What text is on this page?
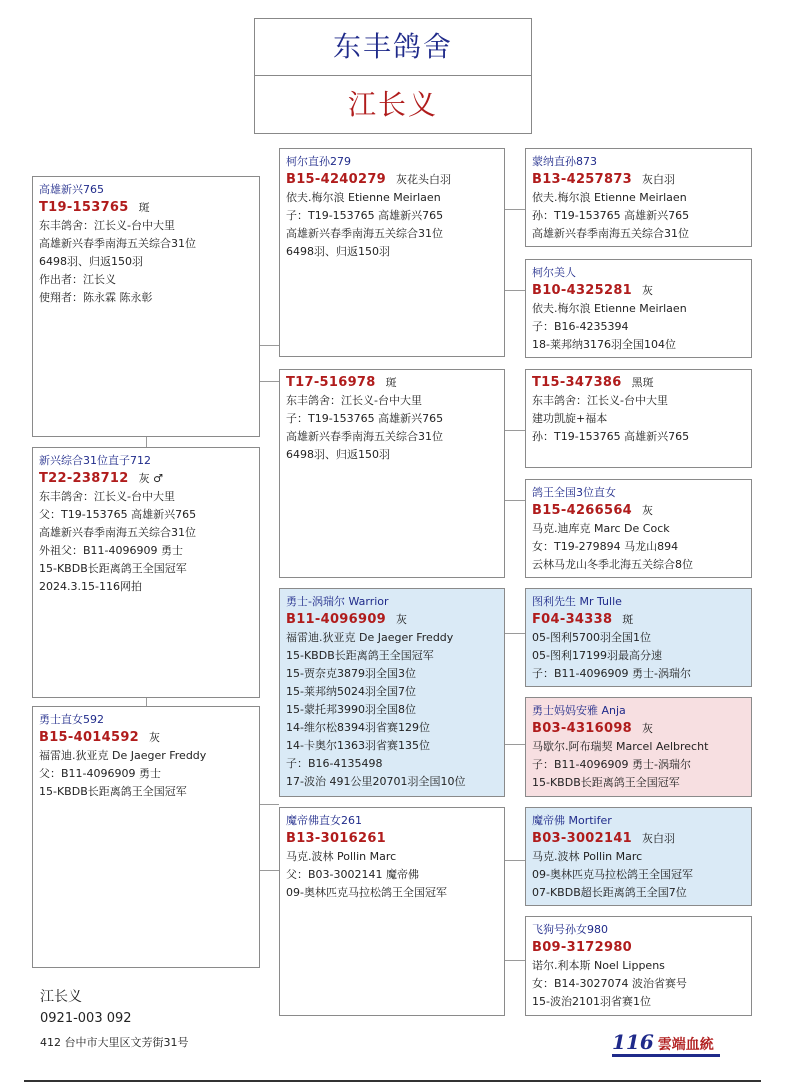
东丰鸽舍
江长义
高雄新兴765
T19-153765 斑
东丰鸽舍：江长义-台中大里
高雄新兴春季南海五关综合31位
6498羽、归返150羽
作出者：江长义
使翔者：陈永霖 陈永彰
新兴综合31位直子712
T22-238712 灰 ♂
东丰鸽舍：江长义-台中大里
父：T19-153765 高雄新兴765
高雄新兴春季南海五关综合31位
外祖父：B11-4096909 勇士
15-KBDB长距离鸽王全国冠军
2024.3.15-116网拍
勇士直女592
B15-4014592 灰
福雷迪.狄亚克 De Jaeger Freddy
父：B11-4096909 勇士
15-KBDB长距离鸽王全国冠军
柯尔直孙279
B15-4240279 灰花头白羽
依夫.梅尔浪 Etienne Meirlaen
子：T19-153765 高雄新兴765
高雄新兴春季南海五关综合31位
6498羽、归返150羽
T17-516978 斑
东丰鸽舍：江长义-台中大里
子：T19-153765 高雄新兴765
高雄新兴春季南海五关综合31位
6498羽、归返150羽
勇士-涡瑞尔 Warrior
B11-4096909 灰
福雷迪.狄亚克 De Jaeger Freddy
15-KBDB长距离鸽王全国冠军
15-贾奈克3879羽全国3位
15-莱邦纳5024羽全国7位
15-蒙托邦3990羽全国8位
14-维尔松8394羽省赛129位
14-卡奥尔1363羽省赛135位
子：B16-4135498
17-波治 491公里20701羽全国10位
魔帝佛直女261
B13-3016261
马克.波林 Pollin Marc
父：B03-3002141 魔帝佛
09-奥林匹克马拉松鸽王全国冠军
蒙纳直孙873
B13-4257873 灰白羽
依夫.梅尔浪 Etienne Meirlaen
孙：T19-153765 高雄新兴765
高雄新兴春季南海五关综合31位
柯尔美人
B10-4325281 灰
依夫.梅尔浪 Etienne Meirlaen
子：B16-4235394
18-莱邦纳3176羽全国104位
T15-347386 黑斑
东丰鸽舍：江长义-台中大里
建功凯旋+福本
孙：T19-153765 高雄新兴765
鸽王全国3位直女
B15-4266564 灰
马克.迪库克 Marc De Cock
女：T19-279894 马龙山894
云林马龙山冬季北海五关综合8位
图利先生 Mr Tulle
F04-34338 斑
05-图利5700羽全国1位
05-图利17199羽最高分速
子：B11-4096909 勇士-涡瑞尔
勇士妈妈安雅 Anja
B03-4316098 灰
马歇尔.阿布瑞契 Marcel Aelbrecht
子：B11-4096909 勇士-涡瑞尔
15-KBDB长距离鸽王全国冠军
魔帝佛 Mortifer
B03-3002141 灰白羽
马克.波林 Pollin Marc
09-奥林匹克马拉松鸽王全国冠军
07-KBDB超长距离鸽王全国7位
飞狗号孙女980
B09-3172980
诺尔.利本斯 Noel Lippens
女：B14-3027074 波治省赛号
15-波治2101羽省赛1位
江长义
0921-003 092
412 台中市大里区文芳街31号	116 雲端血統
